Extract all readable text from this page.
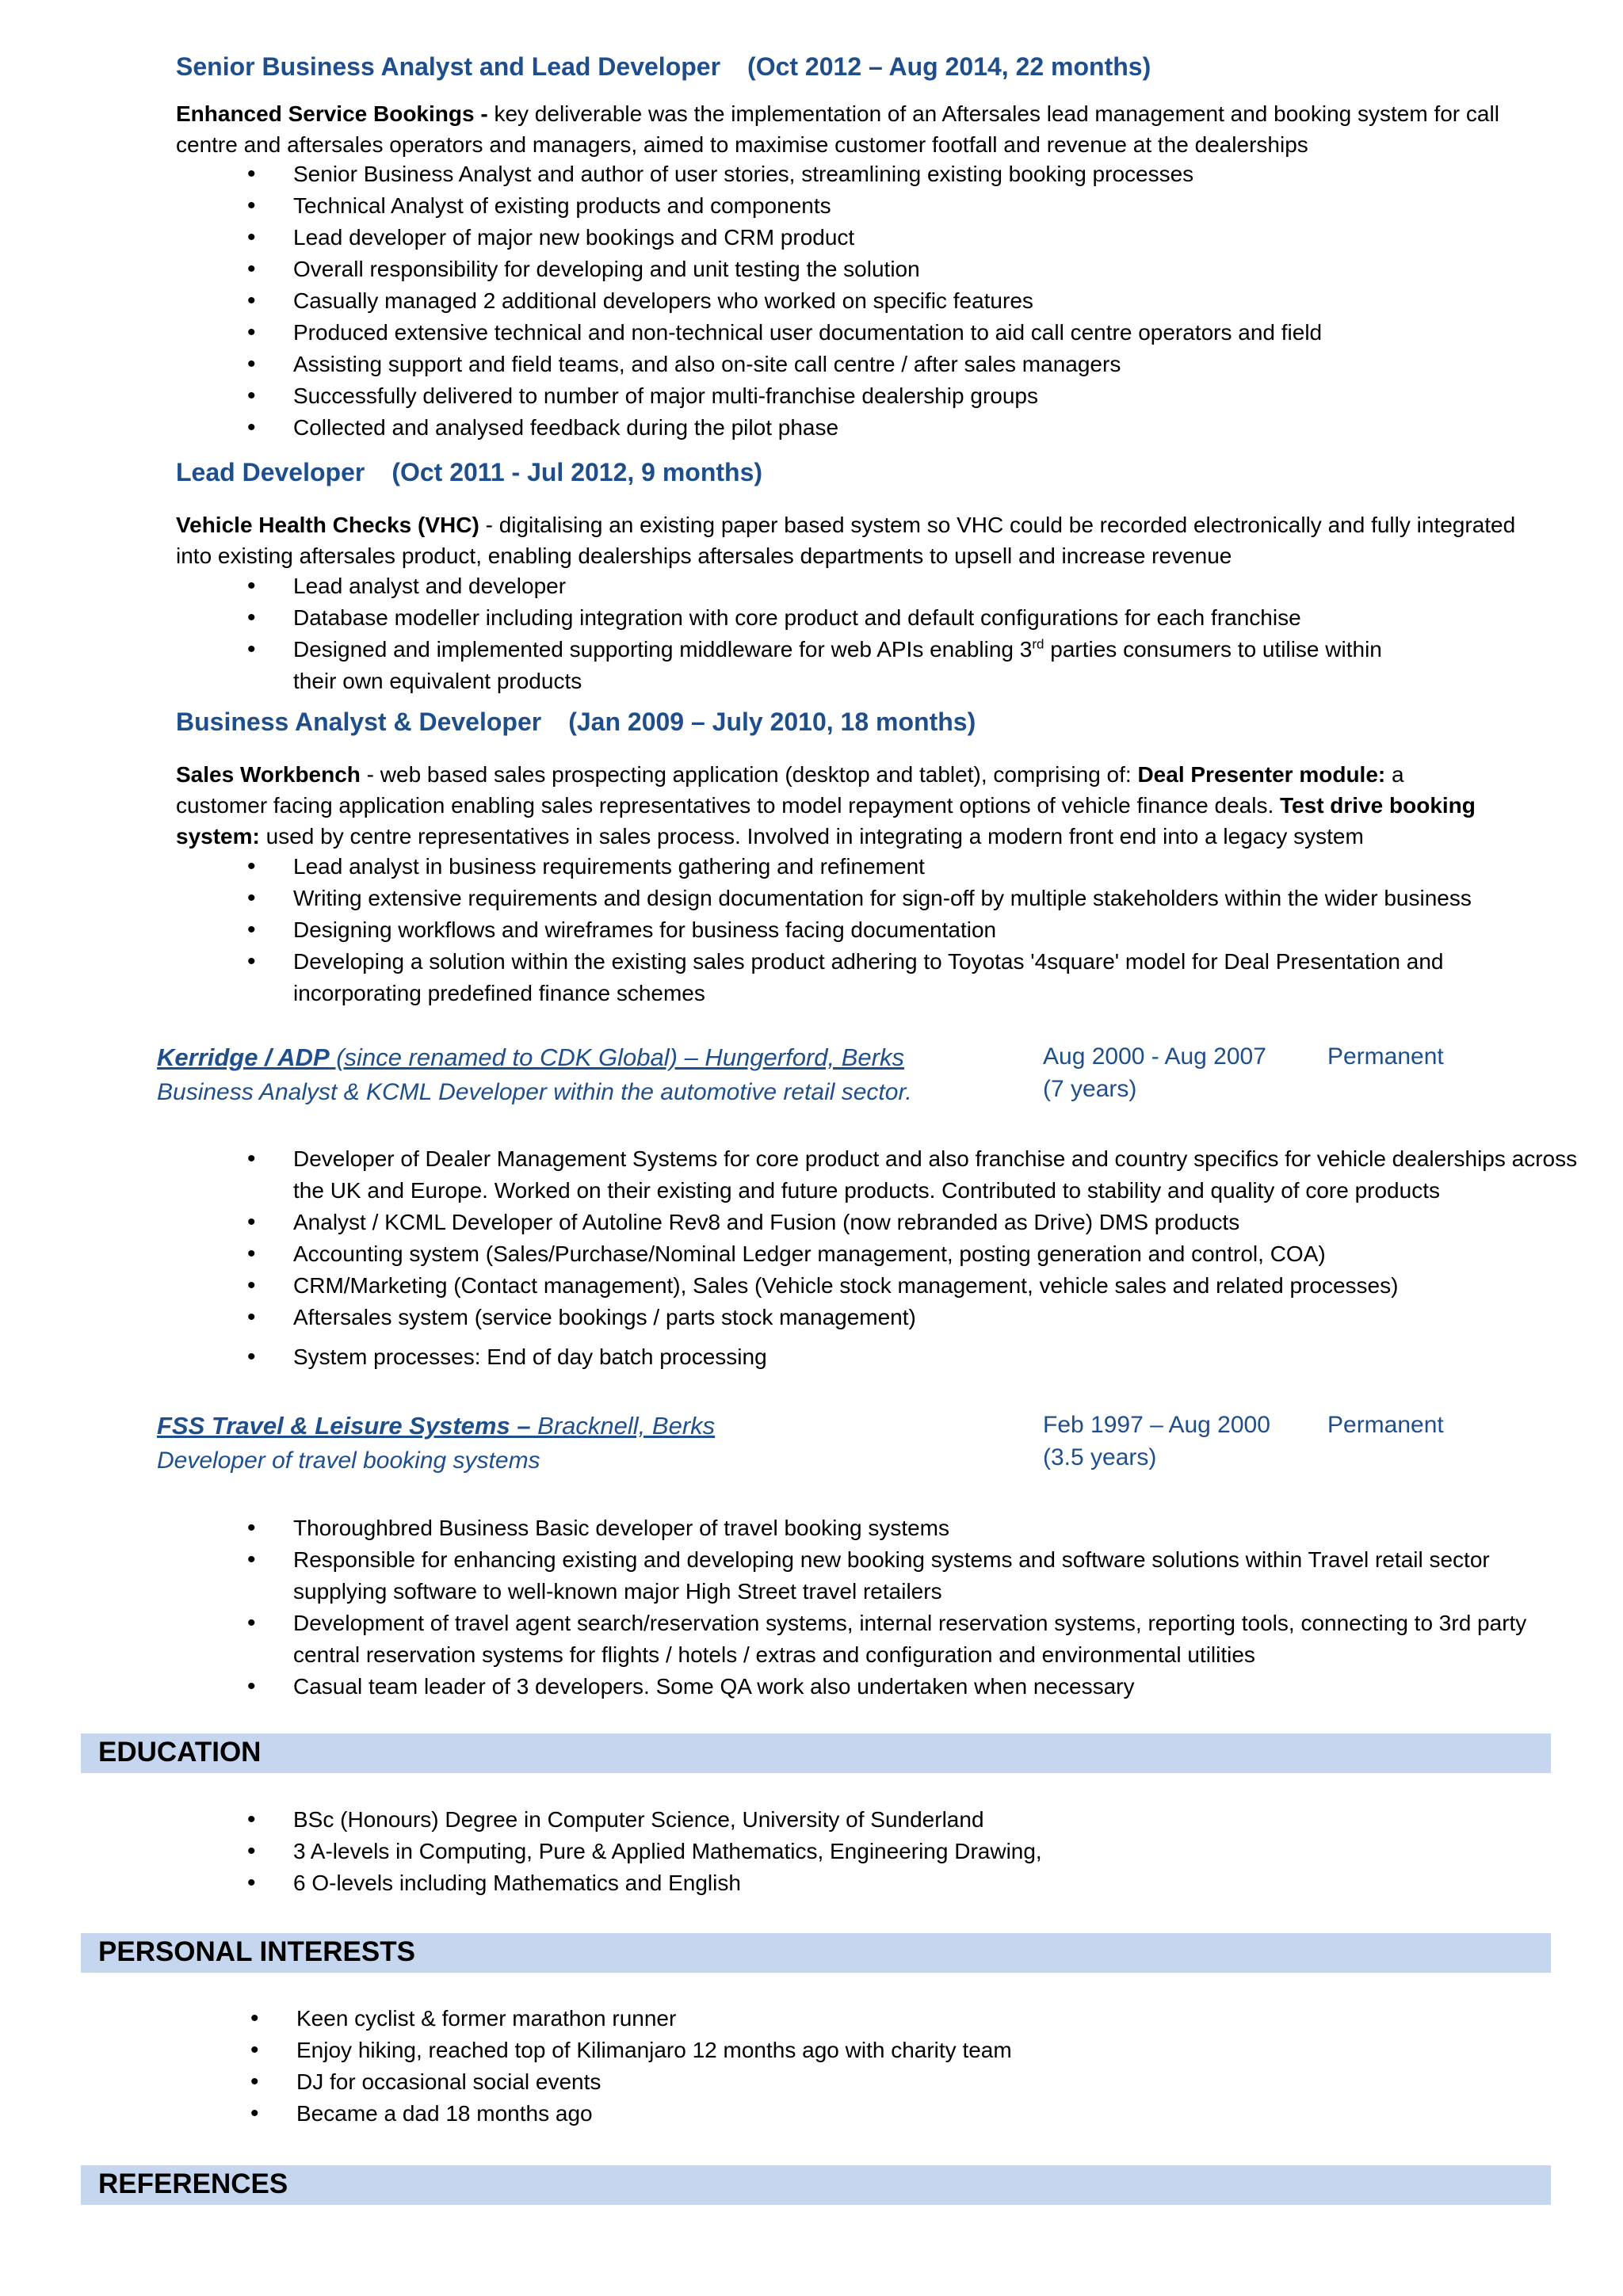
Senior Business Analyst and Lead Developer (Oct 2012 – Aug 2014, 22 months)
Enhanced Service Bookings - key deliverable was the implementation of an Aftersales lead management and booking system for call centre and aftersales operators and managers, aimed to maximise customer footfall and revenue at the dealerships
• Senior Business Analyst and author of user stories, streamlining existing booking processes
• Technical Analyst of existing products and components
• Lead developer of major new bookings and CRM product
• Overall responsibility for developing and unit testing the solution
• Casually managed 2 additional developers who worked on specific features
• Produced extensive technical and non-technical user documentation to aid call centre operators and field
• Assisting support and field teams, and also on-site call centre / after sales managers
• Successfully delivered to number of major multi-franchise dealership groups
• Collected and analysed feedback during the pilot phase
Lead Developer (Oct 2011 - Jul 2012, 9 months)
Vehicle Health Checks (VHC) - digitalising an existing paper based system so VHC could be recorded electronically and fully integrated into existing aftersales product, enabling dealerships aftersales departments to upsell and increase revenue
• Lead analyst and developer
• Database modeller including integration with core product and default configurations for each franchise
• Designed and implemented supporting middleware for web APIs enabling 3rd parties consumers to utilise within their own equivalent products
Business Analyst & Developer (Jan 2009 – July 2010, 18 months)
Sales Workbench - web based sales prospecting application (desktop and tablet), comprising of: Deal Presenter module: a customer facing application enabling sales representatives to model repayment options of vehicle finance deals. Test drive booking system: used by centre representatives in sales process. Involved in integrating a modern front end into a legacy system
• Lead analyst in business requirements gathering and refinement
• Writing extensive requirements and design documentation for sign-off by multiple stakeholders within the wider business
• Designing workflows and wireframes for business facing documentation
• Developing a solution within the existing sales product adhering to Toyotas '4square' model for Deal Presentation and incorporating predefined finance schemes
Kerridge / ADP (since renamed to CDK Global) – Hungerford, Berks
Business Analyst & KCML Developer within the automotive retail sector.
Aug 2000 - Aug 2007
(7 years)
Permanent
• Developer of Dealer Management Systems for core product and also franchise and country specifics for vehicle dealerships across the UK and Europe. Worked on their existing and future products. Contributed to stability and quality of core products
• Analyst / KCML Developer of Autoline Rev8 and Fusion (now rebranded as Drive) DMS products
• Accounting system (Sales/Purchase/Nominal Ledger management, posting generation and control, COA)
• CRM/Marketing (Contact management), Sales (Vehicle stock management, vehicle sales and related processes)
• Aftersales system (service bookings / parts stock management)
• System processes: End of day batch processing
FSS Travel & Leisure Systems – Bracknell, Berks
Developer of travel booking systems
Feb 1997 – Aug 2000
(3.5 years)
Permanent
• Thoroughbred Business Basic developer of travel booking systems
• Responsible for enhancing existing and developing new booking systems and software solutions within Travel retail sector supplying software to well-known major High Street travel retailers
• Development of travel agent search/reservation systems, internal reservation systems, reporting tools, connecting to 3rd party central reservation systems for flights / hotels / extras and configuration and environmental utilities
• Casual team leader of 3 developers. Some QA work also undertaken when necessary
EDUCATION
• BSc (Honours) Degree in Computer Science, University of Sunderland
• 3 A-levels in Computing, Pure & Applied Mathematics, Engineering Drawing,
• 6 O-levels including Mathematics and English
PERSONAL INTERESTS
• Keen cyclist & former marathon runner
• Enjoy hiking, reached top of Kilimanjaro 12 months ago with charity team
• DJ for occasional social events
• Became a dad 18 months ago
REFERENCES
